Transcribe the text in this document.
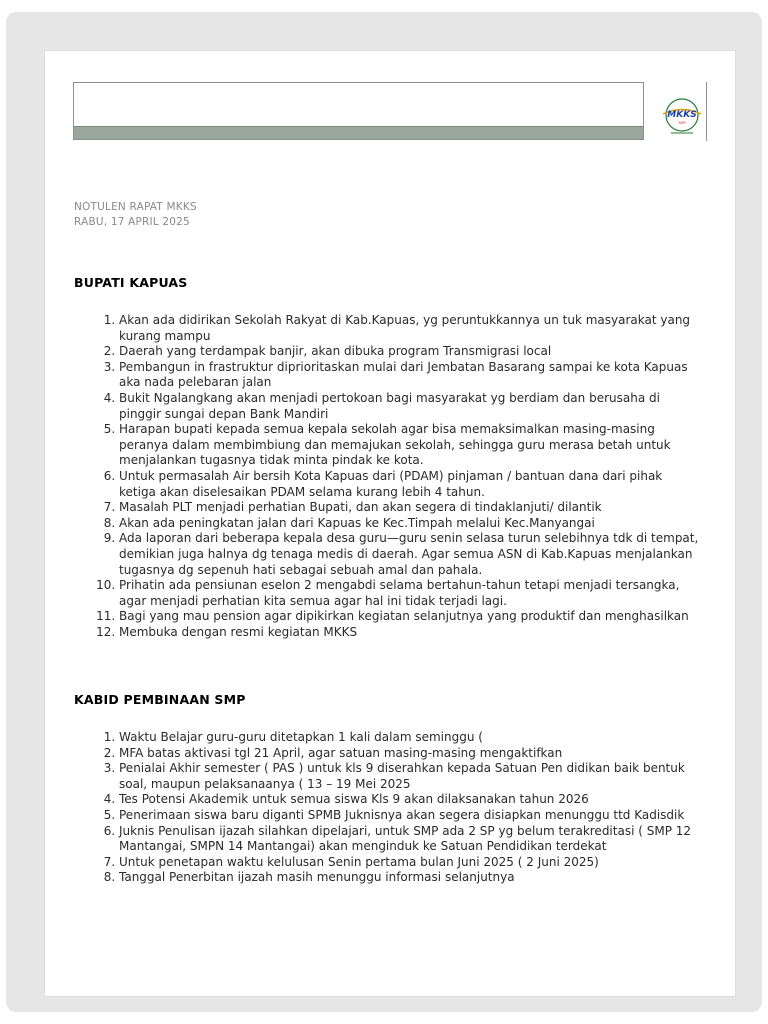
MKKS
SMP
NOTULEN RAPAT MKKS
RABU, 17 APRIL 2025
BUPATI KAPUAS
1. Akan ada didirikan Sekolah Rakyat di Kab.Kapuas, yg peruntukkannya un tuk masyarakat yang kurang mampu
2. Daerah yang terdampak banjir, akan dibuka program Transmigrasi local
3. Pembangun in frastruktur diprioritaskan mulai dari Jembatan Basarang sampai ke kota Kapuas aka nada pelebaran jalan
4. Bukit Ngalangkang akan menjadi pertokoan bagi masyarakat yg berdiam dan berusaha di pinggir sungai depan Bank Mandiri
5. Harapan bupati kepada semua kepala sekolah agar bisa memaksimalkan masing-masing peranya dalam membimbiung dan memajukan sekolah, sehingga guru merasa betah untuk menjalankan tugasnya tidak minta pindak ke kota.
6. Untuk permasalah Air bersih Kota Kapuas dari (PDAM) pinjaman / bantuan dana dari pihak ketiga akan diselesaikan PDAM selama kurang lebih 4 tahun.
7. Masalah PLT menjadi perhatian Bupati, dan akan segera di tindaklanjuti/ dilantik
8. Akan ada peningkatan jalan dari Kapuas ke Kec.Timpah melalui Kec.Manyangai
9. Ada laporan dari beberapa kepala desa guru—guru senin selasa turun selebihnya tdk di tempat, demikian juga halnya dg tenaga medis di daerah. Agar semua ASN di Kab.Kapuas menjalankan tugasnya dg sepenuh hati sebagai sebuah amal dan pahala.
10. Prihatin ada pensiunan eselon 2 mengabdi selama bertahun-tahun tetapi menjadi tersangka, agar menjadi perhatian kita semua agar hal ini tidak terjadi lagi.
11. Bagi yang mau pension agar dipikirkan kegiatan selanjutnya yang produktif dan menghasilkan
12. Membuka dengan resmi kegiatan MKKS
KABID PEMBINAAN SMP
1. Waktu Belajar guru-guru ditetapkan 1 kali dalam seminggu (
2. MFA batas aktivasi tgl 21 April, agar satuan masing-masing mengaktifkan
3. Penialai Akhir semester ( PAS ) untuk kls 9 diserahkan kepada Satuan Pen didikan baik bentuk soal, maupun pelaksanaanya ( 13 – 19 Mei 2025
4. Tes Potensi Akademik untuk semua siswa Kls 9 akan dilaksanakan tahun 2026
5. Penerimaan siswa baru diganti SPMB Juknisnya akan segera disiapkan menunggu ttd Kadisdik
6. Juknis Penulisan ijazah silahkan dipelajari, untuk SMP ada 2 SP yg belum terakreditasi ( SMP 12 Mantangai, SMPN 14 Mantangai) akan menginduk ke Satuan Pendidikan terdekat
7. Untuk penetapan waktu kelulusan Senin pertama bulan Juni 2025 ( 2 Juni 2025)
8. Tanggal Penerbitan ijazah masih menunggu informasi selanjutnya
